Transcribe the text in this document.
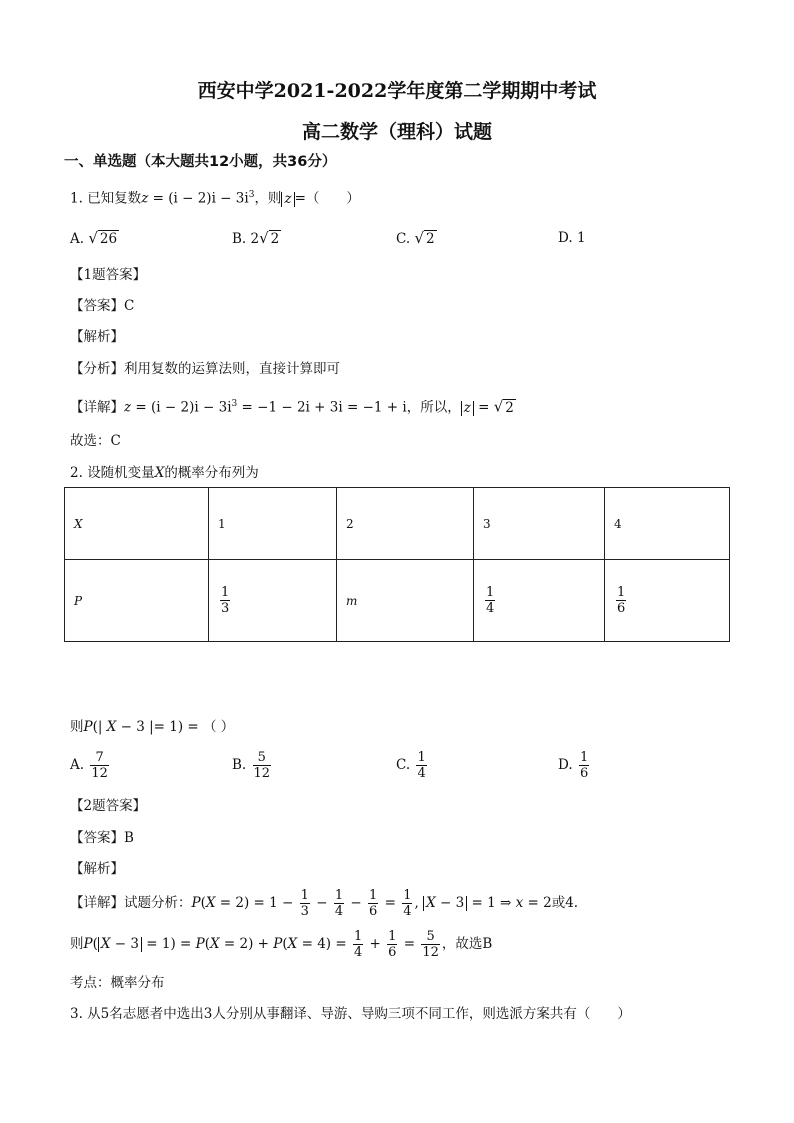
西安中学2021-2022学年度第二学期期中考试
高二数学（理科）试题
一、单选题（本大题共12小题，共36分）
1. 已知复数$z = (i - 2)i - 3i^3$，则 z =（　　）
A. √ 26	B. 2√ 2	C. √ 2	D. 1
【1题答案】
【答案】C
【解析】
【分析】利用复数的运算法则，直接计算即可
【详解】$z = (i - 2)i - 3i^3 = -1 - 2i + 3i = -1 + i$，所以， z = √ 2
故选：C
2. 设随机变量X的概率分布列为
X	1	2	3	4
P	$\frac{1}{3}$	m	$\frac{1}{4}$	$\frac{1}{6}$
则P(| X − 3 |= 1) = （ ）
A. $\frac{7}{12}$	B. $\frac{5}{12}$	C. $\frac{1}{4}$	D. $\frac{1}{6}$
【2题答案】
【答案】B
【解析】
【详解】试题分析：$P(X = 2) = 1 - \frac{1}{3} - \frac{1}{4} - \frac{1}{6} = \frac{1}{4}$ , X − 3 = 1 ⇒ x = 2或4.
则P( $X - 3 = 1) = P(X = 2) + P(X = 4) = \frac{1}{4} + \frac{1}{6} = \frac{5}{12}$ ，故选B
考点：概率分布
3. 从5名志愿者中选出3人分别从事翻译、导游、导购三项不同工作，则选派方案共有（　　）
